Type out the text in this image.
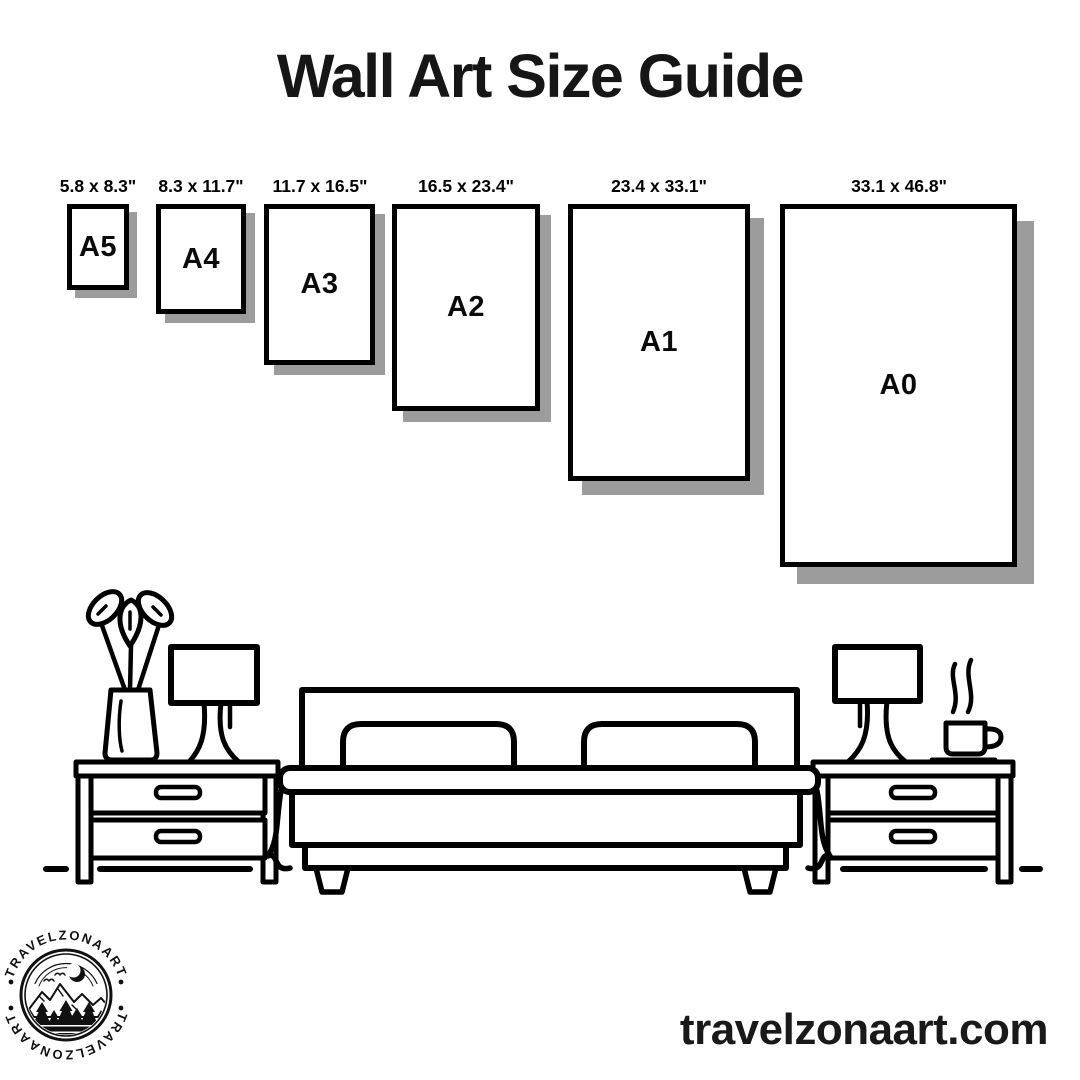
Wall Art Size Guide
5.8 x 8.3"	8.3 x 11.7"	11.7 x 16.5"	16.5 x 23.4"	23.4 x 33.1"	33.1 x 46.8"
A5 A4
A3
A2
A1
A0
TRAVELZONAART
TRAVELZONAART	travelzonaart.com
